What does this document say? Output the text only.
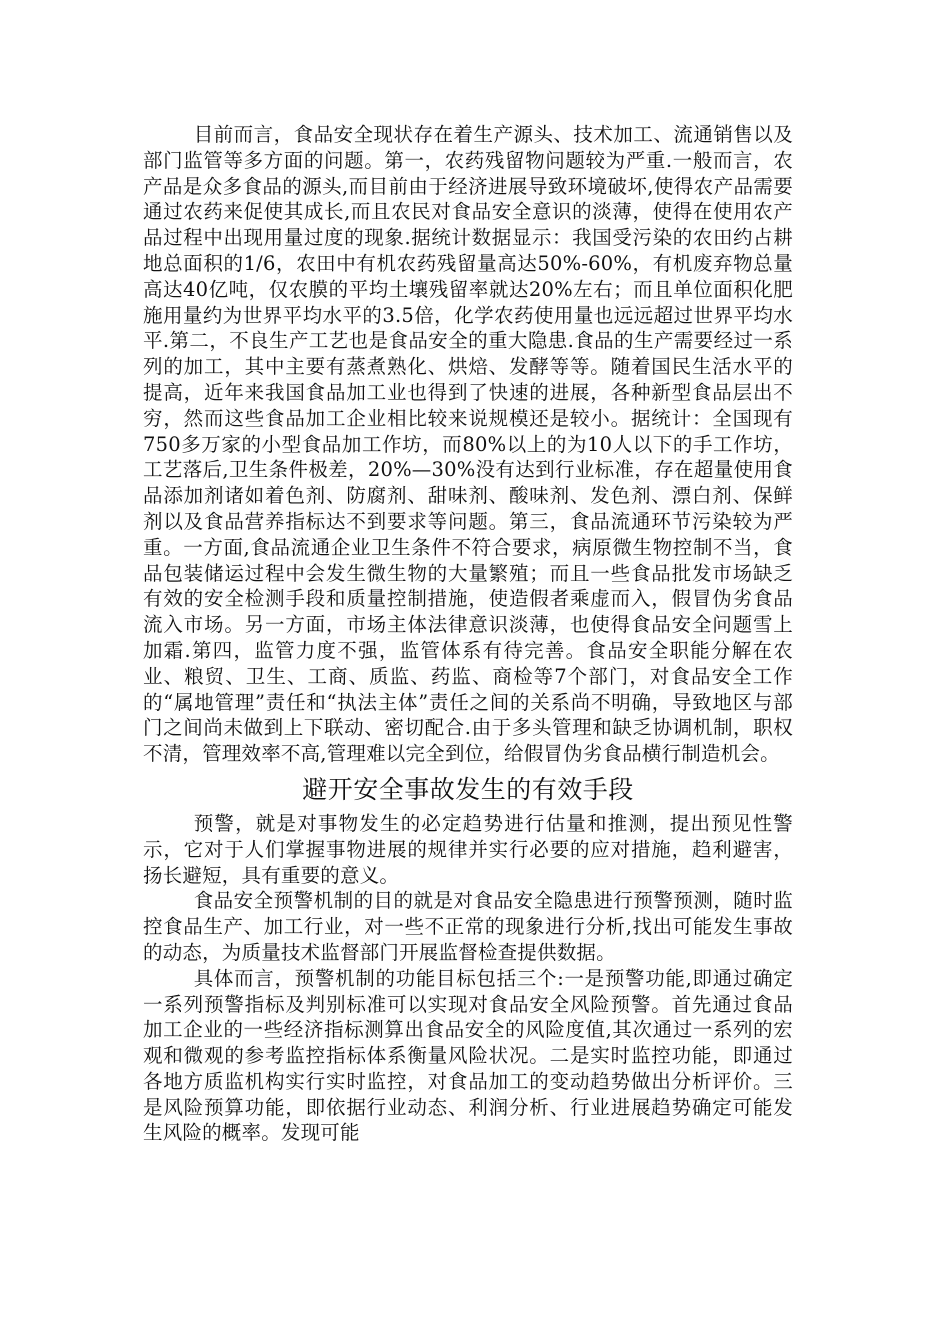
目前而言，食品安全现状存在着生产源头、技术加工、流通销售以及部门监管等多方面的问题。第一，农药残留物问题较为严重.一般而言，农产品是众多食品的源头,而目前由于经济进展导致环境破坏,使得农产品需要通过农药来促使其成长,而且农民对食品安全意识的淡薄，使得在使用农产品过程中出现用量过度的现象.据统计数据显示：我国受污染的农田约占耕地总面积的1/6，农田中有机农药残留量高达50%-60%，有机废弃物总量高达40亿吨，仅农膜的平均土壤残留率就达20%左右；而且单位面积化肥施用量约为世界平均水平的3.5倍，化学农药使用量也远远超过世界平均水平.第二，不良生产工艺也是食品安全的重大隐患.食品的生产需要经过一系列的加工，其中主要有蒸煮熟化、烘焙、发酵等等。随着国民生活水平的提高，近年来我国食品加工业也得到了快速的进展，各种新型食品层出不穷，然而这些食品加工企业相比较来说规模还是较小。据统计：全国现有750多万家的小型食品加工作坊，而80%以上的为10人以下的手工作坊，工艺落后,卫生条件极差，20%—30%没有达到行业标准，存在超量使用食品添加剂诸如着色剂、防腐剂、甜味剂、酸味剂、发色剂、漂白剂、保鲜剂以及食品营养指标达不到要求等问题。第三，食品流通环节污染较为严重。一方面,食品流通企业卫生条件不符合要求，病原微生物控制不当，食品包装储运过程中会发生微生物的大量繁殖；而且一些食品批发市场缺乏有效的安全检测手段和质量控制措施，使造假者乘虚而入，假冒伪劣食品流入市场。另一方面，市场主体法律意识淡薄，也使得食品安全问题雪上加霜.第四，监管力度不强，监管体系有待完善。食品安全职能分解在农业、粮贸、卫生、工商、质监、药监、商检等7个部门，对食品安全工作的“属地管理”责任和“执法主体”责任之间的关系尚不明确，导致地区与部门之间尚未做到上下联动、密切配合.由于多头管理和缺乏协调机制，职权不清，管理效率不高,管理难以完全到位，给假冒伪劣食品横行制造机会。

避开安全事故发生的有效手段

预警，就是对事物发生的必定趋势进行估量和推测，提出预见性警示，它对于人们掌握事物进展的规律并实行必要的应对措施，趋利避害，扬长避短，具有重要的意义。

食品安全预警机制的目的就是对食品安全隐患进行预警预测，随时监控食品生产、加工行业，对一些不正常的现象进行分析,找出可能发生事故的动态，为质量技术监督部门开展监督检查提供数据。

具体而言，预警机制的功能目标包括三个:一是预警功能,即通过确定一系列预警指标及判别标准可以实现对食品安全风险预警。首先通过食品加工企业的一些经济指标测算出食品安全的风险度值,其次通过一系列的宏观和微观的参考监控指标体系衡量风险状况。二是实时监控功能，即通过各地方质监机构实行实时监控，对食品加工的变动趋势做出分析评价。三是风险预算功能，即依据行业动态、利润分析、行业进展趋势确定可能发生风险的概率。发现可能
